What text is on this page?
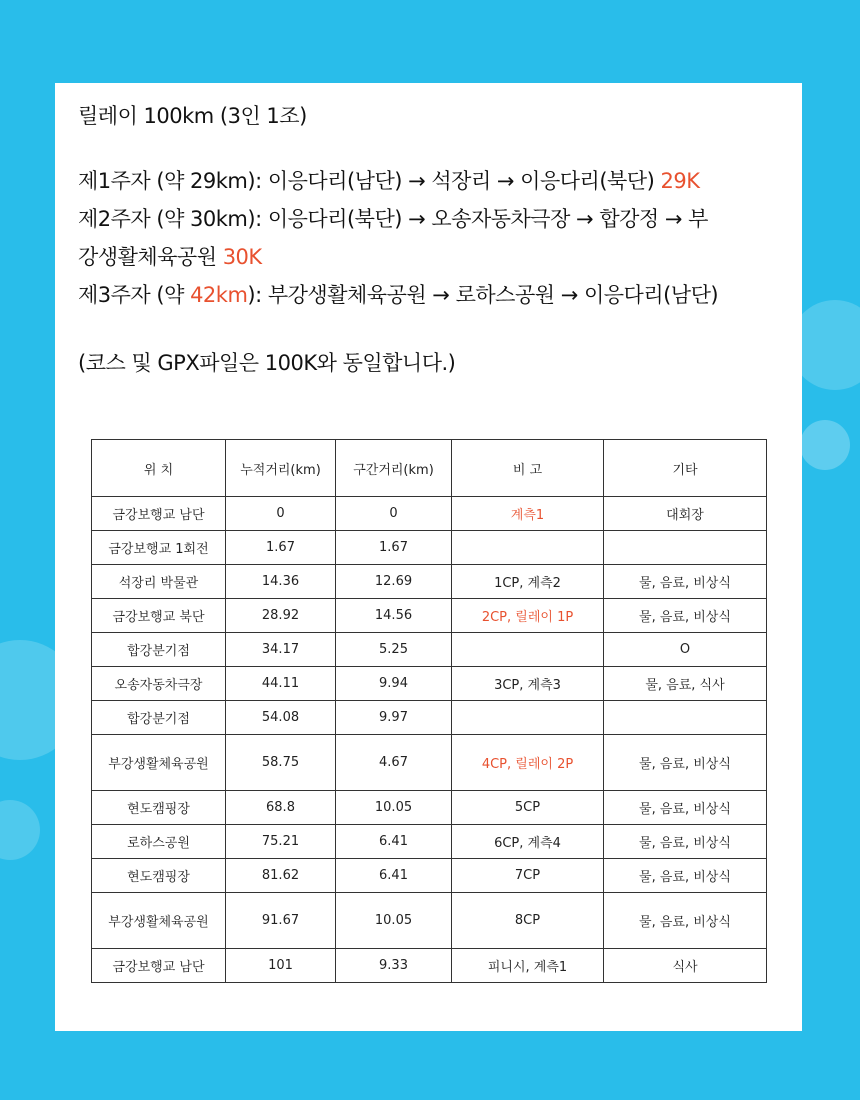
릴레이 100km (3인 1조)
제1주자 (약 29km): 이응다리(남단) → 석장리 → 이응다리(북단) 29K
제2주자 (약 30km): 이응다리(북단) → 오송자동차극장 → 합강정 → 부
강생활체육공원 30K
제3주자 (약 42km): 부강생활체육공원 → 로하스공원 → 이응다리(남단)
(코스 및 GPX파일은 100K와 동일합니다.)
위 치	누적거리(km)	구간거리(km)	비 고	기타
금강보행교 남단	0	0	계측1	대회장
금강보행교 1회전	1.67	1.67		
석장리 박물관	14.36	12.69	1CP, 계측2	물, 음료, 비상식
금강보행교 북단	28.92	14.56	2CP, 릴레이 1P	물, 음료, 비상식
합강분기점	34.17	5.25		O
오송자동차극장	44.11	9.94	3CP, 계측3	물, 음료, 식사
합강분기점	54.08	9.97		
부강생활체육공원	58.75	4.67	4CP, 릴레이 2P	물, 음료, 비상식
현도캠핑장	68.8	10.05	5CP	물, 음료, 비상식
로하스공원	75.21	6.41	6CP, 계측4	물, 음료, 비상식
현도캠핑장	81.62	6.41	7CP	물, 음료, 비상식
부강생활체육공원	91.67	10.05	8CP	물, 음료, 비상식
금강보행교 남단	101	9.33	피니시, 계측1	식사
